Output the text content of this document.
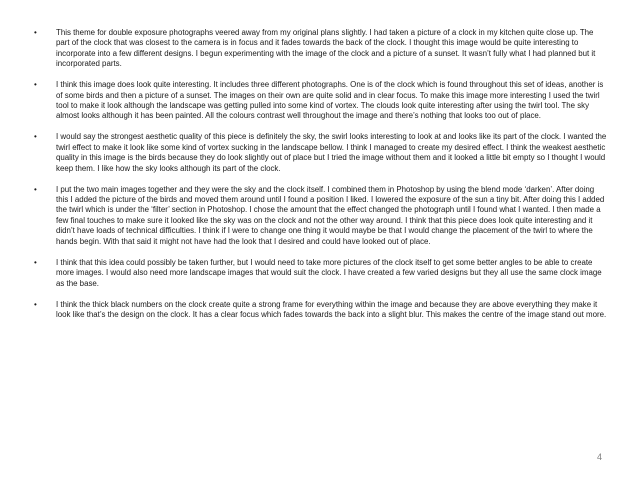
• This theme for double exposure photographs veered away from my original plans slightly. I had taken a picture of a clock in my kitchen quite close up. The part of the clock that was closest to the camera is in focus and it fades towards the back of the clock. I thought this image would be quite interesting to incorporate into a few different designs. I begun experimenting with the image of the clock and a picture of a sunset. It wasn’t fully what I had planned but it incorporated parts.
• I think this image does look quite interesting. It includes three different photographs. One is of the clock which is found throughout this set of ideas, another is of some birds and then a picture of a sunset. The images on their own are quite solid and in clear focus. To make this image more interesting I used the twirl tool to make it look although the landscape was getting pulled into some kind of vortex. The clouds look quite interesting after using the twirl tool. The sky almost looks although it has been painted. All the colours contrast well throughout the image and there’s nothing that looks too out of place.
• I would say the strongest aesthetic quality of this piece is definitely the sky, the swirl looks interesting to look at and looks like its part of the clock. I wanted the twirl effect to make it look like some kind of vortex sucking in the landscape bellow. I think I managed to create my desired effect. I think the weakest aesthetic quality in this image is the birds because they do look slightly out of place but I tried the image without them and it looked a little bit empty so I thought I would keep them. I like how the sky looks although its part of the clock.
• I put the two main images together and they were the sky and the clock itself. I combined them in Photoshop by using the blend mode ‘darken’. After doing this I added the picture of the birds and moved them around until I found a position I liked. I lowered the exposure of the sun a tiny bit. After doing this I added the twirl which is under the ‘filter’ section in Photoshop. I chose the amount that the effect changed the photograph until I found what I wanted. I then made a few final touches to make sure it looked like the sky was on the clock and not the other way around. I think that this piece does look quite interesting and it didn’t have loads of technical difficulties. I think if I were to change one thing it would maybe be that I would change the placement of the twirl to where the hands begin. With that said it might not have had the look that I desired and could have looked out of place.
• I think that this idea could possibly be taken further, but I would need to take more pictures of the clock itself to get some better angles to be able to create more images. I would also need more landscape images that would suit the clock. I have created a few varied designs but they all use the same clock image as the base.
• I think the thick black numbers on the clock create quite a strong frame for everything within the image and because they are above everything they make it look like that’s the design on the clock. It has a clear focus which fades towards the back into a slight blur. This makes the centre of the image stand out more.
4
